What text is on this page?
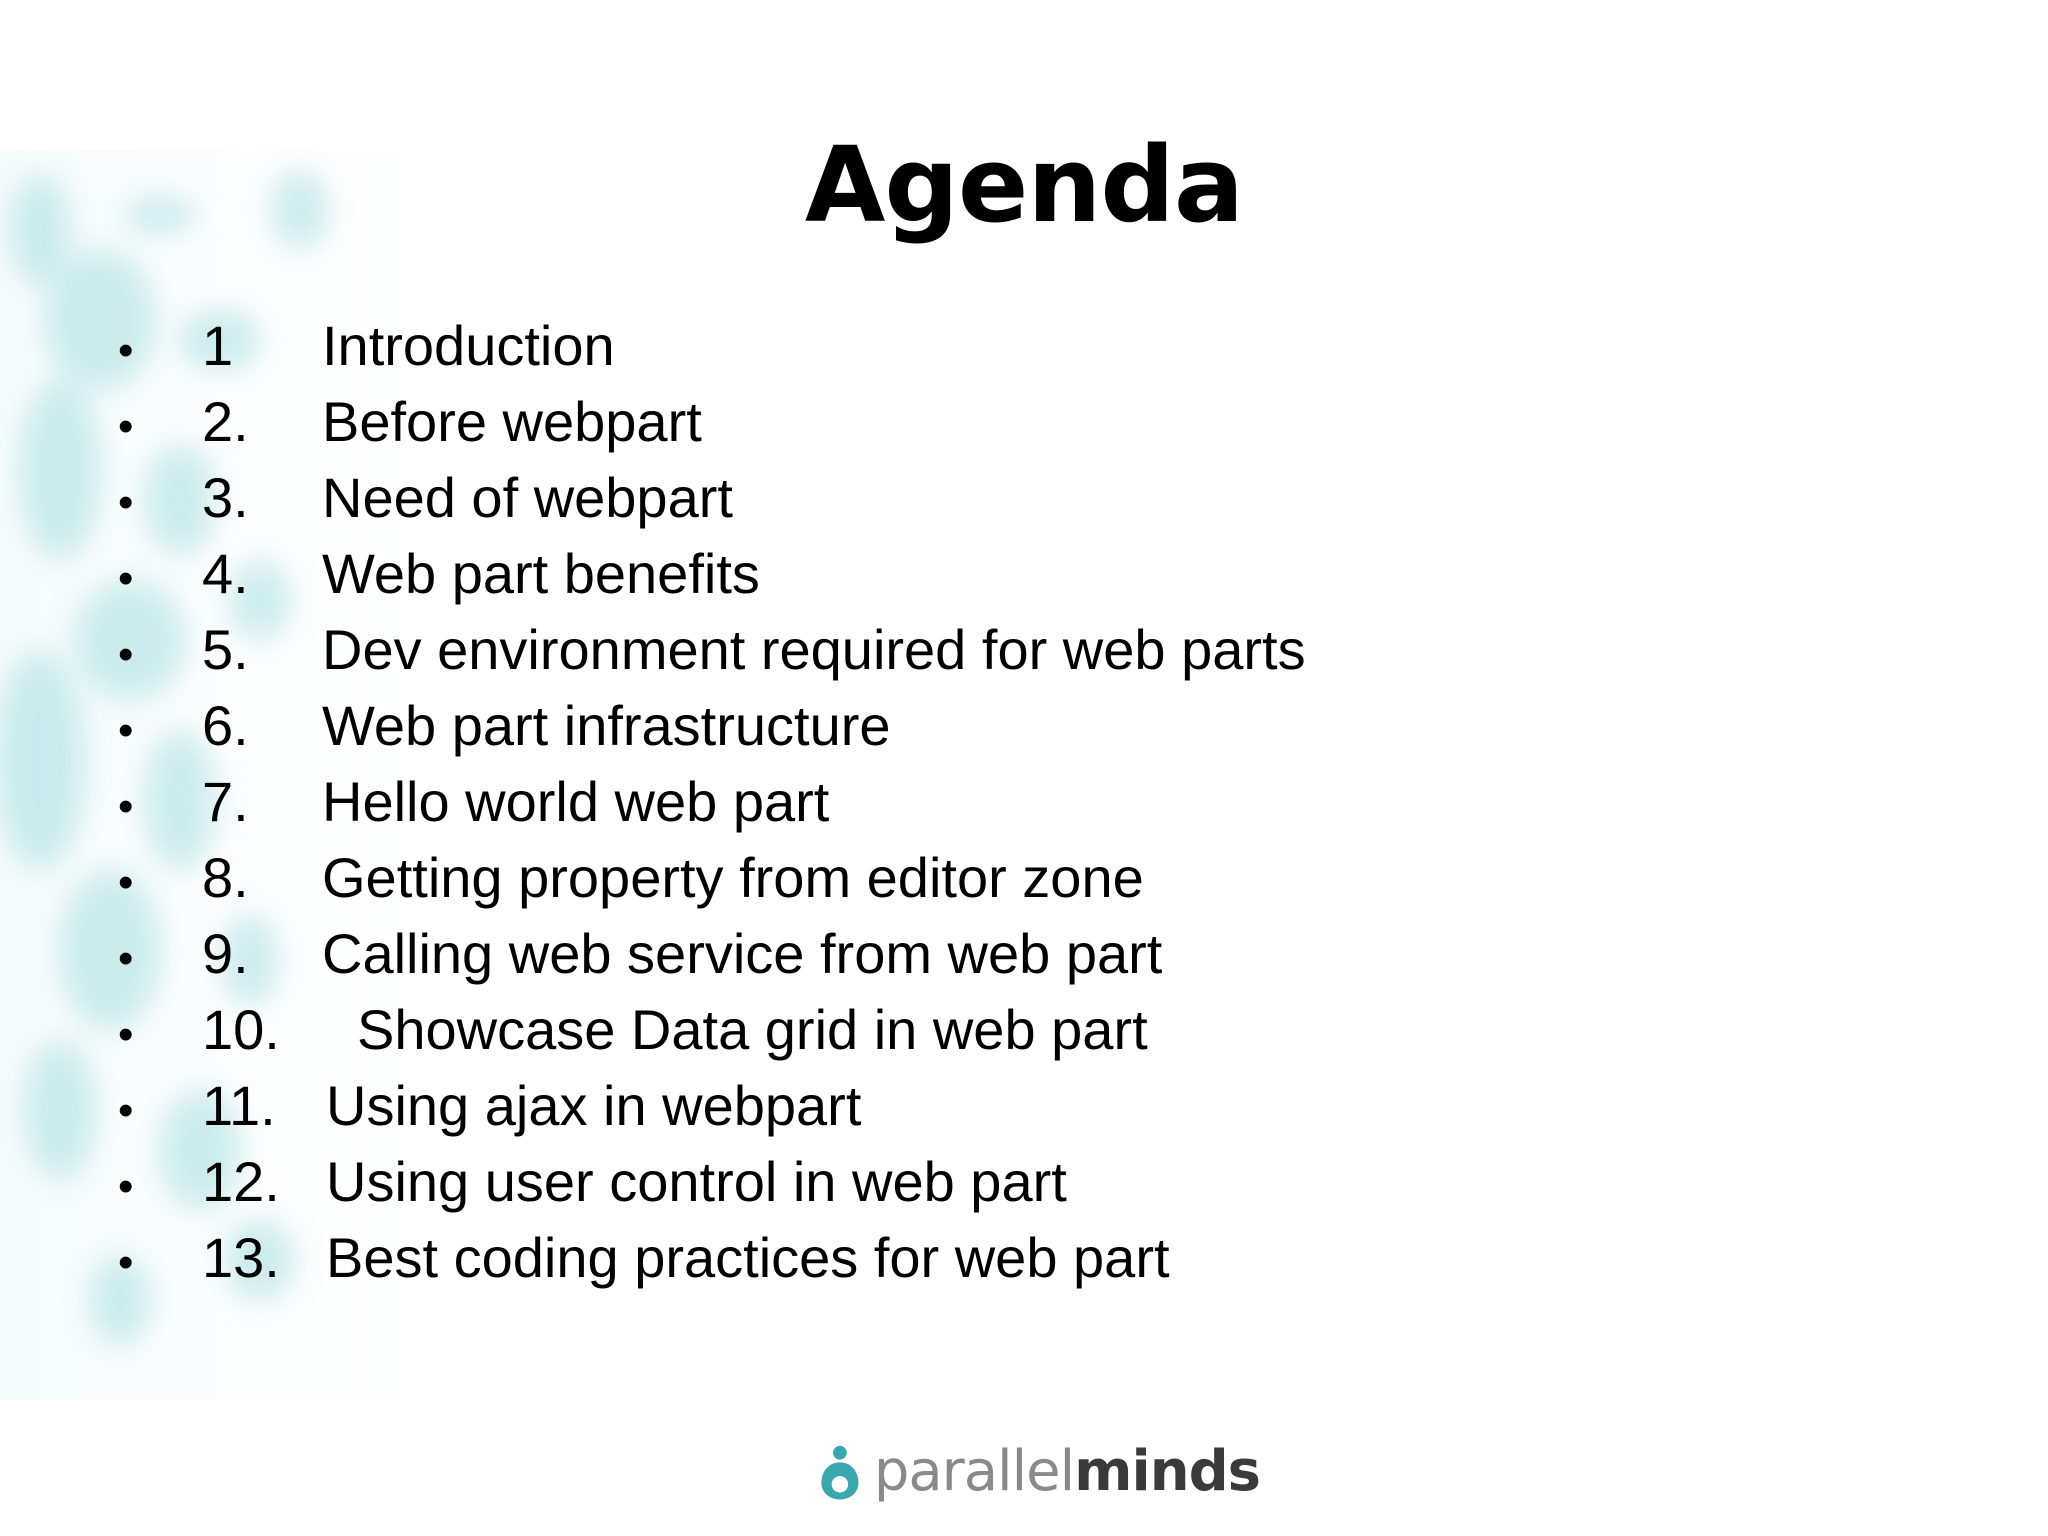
Agenda
•	1	Introduction
•	2.	Before webpart
•	3.	Need of webpart
•	4.	Web part benefits
•	5.	Dev environment required for web parts
•	6.	Web part infrastructure
•	7.	Hello world web part
•	8.	Getting property from editor zone
•	9.	Calling web service from web part
•	10.	Showcase Data grid in web part
•	11. Using ajax in webpart
•	12. Using user control in web part
•	13. Best coding practices for web part
parallelminds
